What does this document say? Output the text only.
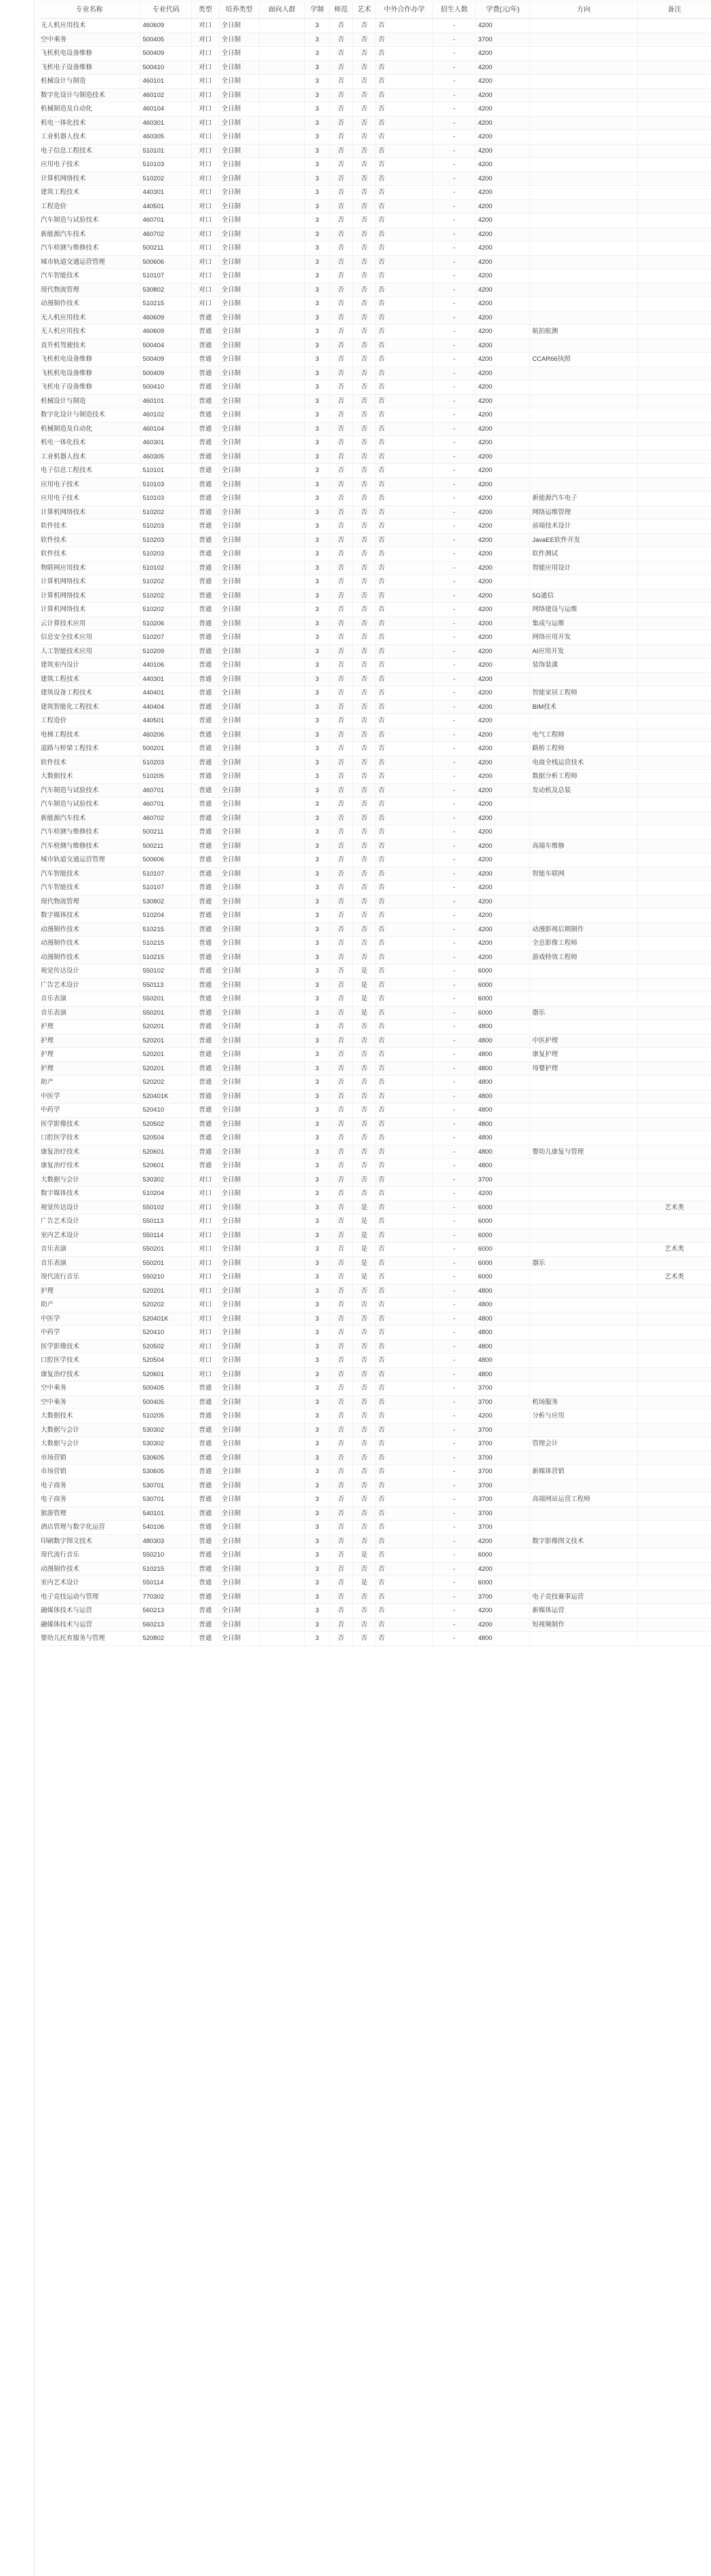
专业名称	专业代码	类型	培养类型	面向人群	学制	师范	艺术	中外合作办学	招生人数	学费(元/年)	方向	备注
无人机应用技术	460609	对口	全日制		3	否	否	否	-	4200		
空中乘务	500405	对口	全日制		3	否	否	否	-	3700		
飞机机电设备维修	500409	对口	全日制		3	否	否	否	-	4200		
飞机电子设备维修	500410	对口	全日制		3	否	否	否	-	4200		
机械设计与制造	460101	对口	全日制		3	否	否	否	-	4200		
数字化设计与制造技术	460102	对口	全日制		3	否	否	否	-	4200		
机械制造及自动化	460104	对口	全日制		3	否	否	否	-	4200		
机电一体化技术	460301	对口	全日制		3	否	否	否	-	4200		
工业机器人技术	460305	对口	全日制		3	否	否	否	-	4200		
电子信息工程技术	510101	对口	全日制		3	否	否	否	-	4200		
应用电子技术	510103	对口	全日制		3	否	否	否	-	4200		
计算机网络技术	510202	对口	全日制		3	否	否	否	-	4200		
建筑工程技术	440301	对口	全日制		3	否	否	否	-	4200		
工程造价	440501	对口	全日制		3	否	否	否	-	4200		
汽车制造与试验技术	460701	对口	全日制		3	否	否	否	-	4200		
新能源汽车技术	460702	对口	全日制		3	否	否	否	-	4200		
汽车检测与维修技术	500211	对口	全日制		3	否	否	否	-	4200		
城市轨道交通运营管理	500606	对口	全日制		3	否	否	否	-	4200		
汽车智能技术	510107	对口	全日制		3	否	否	否	-	4200		
现代物流管理	530802	对口	全日制		3	否	否	否	-	4200		
动漫制作技术	510215	对口	全日制		3	否	否	否	-	4200		
无人机应用技术	460609	普通	全日制		3	否	否	否	-	4200		
无人机应用技术	460609	普通	全日制		3	否	否	否	-	4200	航拍航测	
直升机驾驶技术	500404	普通	全日制		3	否	否	否	-	4200		
飞机机电设备维修	500409	普通	全日制		3	否	否	否	-	4200	CCAR66执照	
飞机机电设备维修	500409	普通	全日制		3	否	否	否	-	4200		
飞机电子设备维修	500410	普通	全日制		3	否	否	否	-	4200		
机械设计与制造	460101	普通	全日制		3	否	否	否	-	4200		
数字化设计与制造技术	460102	普通	全日制		3	否	否	否	-	4200		
机械制造及自动化	460104	普通	全日制		3	否	否	否	-	4200		
机电一体化技术	460301	普通	全日制		3	否	否	否	-	4200		
工业机器人技术	460305	普通	全日制		3	否	否	否	-	4200		
电子信息工程技术	510101	普通	全日制		3	否	否	否	-	4200		
应用电子技术	510103	普通	全日制		3	否	否	否	-	4200		
应用电子技术	510103	普通	全日制		3	否	否	否	-	4200	新能源汽车电子	
计算机网络技术	510202	普通	全日制		3	否	否	否	-	4200	网络运维管理	
软件技术	510203	普通	全日制		3	否	否	否	-	4200	前端技术设计	
软件技术	510203	普通	全日制		3	否	否	否	-	4200	JavaEE软件开发	
软件技术	510203	普通	全日制		3	否	否	否	-	4200	软件测试	
物联网应用技术	510102	普通	全日制		3	否	否	否	-	4200	智能应用设计	
计算机网络技术	510202	普通	全日制		3	否	否	否	-	4200		
计算机网络技术	510202	普通	全日制		3	否	否	否	-	4200	5G通信	
计算机网络技术	510202	普通	全日制		3	否	否	否	-	4200	网络建设与运维	
云计算技术应用	510206	普通	全日制		3	否	否	否	-	4200	集成与运维	
信息安全技术应用	510207	普通	全日制		3	否	否	否	-	4200	网络应用开发	
人工智能技术应用	510209	普通	全日制		3	否	否	否	-	4200	AI应用开发	
建筑室内设计	440106	普通	全日制		3	否	否	否	-	4200	装饰装潢	
建筑工程技术	440301	普通	全日制		3	否	否	否	-	4200		
建筑设备工程技术	440401	普通	全日制		3	否	否	否	-	4200	智能家居工程师	
建筑智能化工程技术	440404	普通	全日制		3	否	否	否	-	4200	BIM技术	
工程造价	440501	普通	全日制		3	否	否	否	-	4200		
电梯工程技术	460206	普通	全日制		3	否	否	否	-	4200	电气工程师	
道路与桥梁工程技术	500201	普通	全日制		3	否	否	否	-	4200	路桥工程师	
软件技术	510203	普通	全日制		3	否	否	否	-	4200	电商全栈运营技术	
大数据技术	510205	普通	全日制		3	否	否	否	-	4200	数据分析工程师	
汽车制造与试验技术	460701	普通	全日制		3	否	否	否	-	4200	发动机及总装	
汽车制造与试验技术	460701	普通	全日制		3	否	否	否	-	4200		
新能源汽车技术	460702	普通	全日制		3	否	否	否	-	4200		
汽车检测与维修技术	500211	普通	全日制		3	否	否	否	-	4200		
汽车检测与维修技术	500211	普通	全日制		3	否	否	否	-	4200	高端车维修	
城市轨道交通运营管理	500606	普通	全日制		3	否	否	否	-	4200		
汽车智能技术	510107	普通	全日制		3	否	否	否	-	4200	智能车联网	
汽车智能技术	510107	普通	全日制		3	否	否	否	-	4200		
现代物流管理	530802	普通	全日制		3	否	否	否	-	4200		
数字媒体技术	510204	普通	全日制		3	否	否	否	-	4200		
动漫制作技术	510215	普通	全日制		3	否	否	否	-	4200	动漫影视后期制作	
动漫制作技术	510215	普通	全日制		3	否	否	否	-	4200	全息影像工程师	
动漫制作技术	510215	普通	全日制		3	否	否	否	-	4200	游戏特效工程师	
视觉传达设计	550102	普通	全日制		3	否	是	否	-	6000		
广告艺术设计	550113	普通	全日制		3	否	是	否	-	6000		
音乐表演	550201	普通	全日制		3	否	是	否	-	6000		
音乐表演	550201	普通	全日制		3	否	是	否	-	6000	器乐	
护理	520201	普通	全日制		3	否	否	否	-	4800		
护理	520201	普通	全日制		3	否	否	否	-	4800	中医护理	
护理	520201	普通	全日制		3	否	否	否	-	4800	康复护理	
护理	520201	普通	全日制		3	否	否	否	-	4800	母婴护理	
助产	520202	普通	全日制		3	否	否	否	-	4800		
中医学	520401K	普通	全日制		3	否	否	否	-	4800		
中药学	520410	普通	全日制		3	否	否	否	-	4800		
医学影像技术	520502	普通	全日制		3	否	否	否	-	4800		
口腔医学技术	520504	普通	全日制		3	否	否	否	-	4800		
康复治疗技术	520601	普通	全日制		3	否	否	否	-	4800	婴幼儿康复与管理	
康复治疗技术	520601	普通	全日制		3	否	否	否	-	4800		
大数据与会计	530302	对口	全日制		3	否	否	否	-	3700		
数字媒体技术	510204	对口	全日制		3	否	否	否	-	4200		
视觉传达设计	550102	对口	全日制		3	否	是	否	-	6000		艺术类
广告艺术设计	550113	对口	全日制		3	否	是	否	-	6000		
室内艺术设计	550114	对口	全日制		3	否	是	否	-	6000		
音乐表演	550201	对口	全日制		3	否	是	否	-	6000		艺术类
音乐表演	550201	对口	全日制		3	否	是	否	-	6000	器乐	
现代流行音乐	550210	对口	全日制		3	否	是	否	-	6000		艺术类
护理	520201	对口	全日制		3	否	否	否	-	4800		
助产	520202	对口	全日制		3	否	否	否	-	4800		
中医学	520401K	对口	全日制		3	否	否	否	-	4800		
中药学	520410	对口	全日制		3	否	否	否	-	4800		
医学影像技术	520502	对口	全日制		3	否	否	否	-	4800		
口腔医学技术	520504	对口	全日制		3	否	否	否	-	4800		
康复治疗技术	520601	对口	全日制		3	否	否	否	-	4800		
空中乘务	500405	普通	全日制		3	否	否	否	-	3700		
空中乘务	500405	普通	全日制		3	否	否	否	-	3700	机场服务	
大数据技术	510205	普通	全日制		3	否	否	否	-	4200	分析与应用	
大数据与会计	530302	普通	全日制		3	否	否	否	-	3700		
大数据与会计	530302	普通	全日制		3	否	否	否	-	3700	管理会计	
市场营销	530605	普通	全日制		3	否	否	否	-	3700		
市场营销	530605	普通	全日制		3	否	否	否	-	3700	新媒体营销	
电子商务	530701	普通	全日制		3	否	否	否	-	3700		
电子商务	530701	普通	全日制		3	否	否	否	-	3700	高端网站运营工程师	
旅游管理	540101	普通	全日制		3	否	否	否	-	3700		
酒店管理与数字化运营	540106	普通	全日制		3	否	否	否	-	3700		
印刷数字图文技术	480303	普通	全日制		3	否	否	否	-	4200	数字影像图文技术	
现代流行音乐	550210	普通	全日制		3	否	是	否	-	6000		
动漫制作技术	510215	普通	全日制		3	否	否	否	-	4200		
室内艺术设计	550114	普通	全日制		3	否	是	否	-	6000		
电子竞技运动与管理	770302	普通	全日制		3	否	否	否	-	3700	电子竞技赛事运营	
融媒体技术与运营	560213	普通	全日制		3	否	否	否	-	4200	新媒体运营	
融媒体技术与运营	560213	普通	全日制		3	否	否	否	-	4200	短视频制作	
婴幼儿托育服务与管理	520802	普通	全日制		3	否	否	否	-	4800		
